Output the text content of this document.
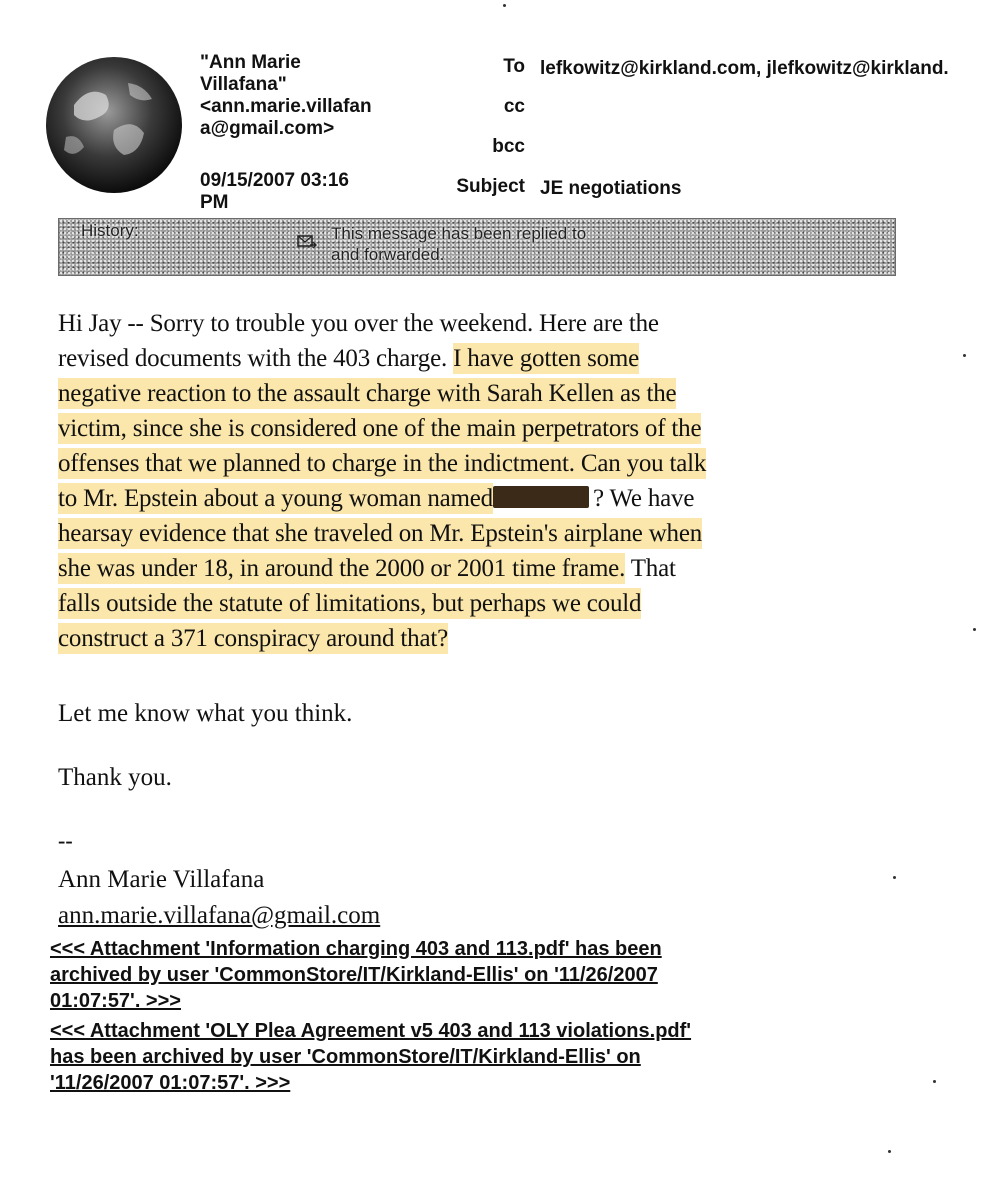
"Ann Marie
Villafana"
<ann.marie.villafan
a@gmail.com>
09/15/2007 03:16
PM
To lefkowitz@kirkland.com, jlefkowitz@kirkland.
cc
bcc
Subject JE negotiations
History:	This message has been replied to
and forwarded.
Hi Jay -- Sorry to trouble you over the weekend. Here are the
revised documents with the 403 charge. I have gotten some
negative reaction to the assault charge with Sarah Kellen as the
victim, since she is considered one of the main perpetrators of the
offenses that we planned to charge in the indictment. Can you talk
to Mr. Epstein about a young woman named	? We have
hearsay evidence that she traveled on Mr. Epstein's airplane when
she was under 18, in around the 2000 or 2001 time frame. That
falls outside the statute of limitations, but perhaps we could
construct a 371 conspiracy around that?
Let me know what you think.
Thank you.
--
Ann Marie Villafana
ann.marie.villafana@gmail.com
<<< Attachment 'Information charging 403 and 113.pdf' has been
archived by user 'CommonStore/IT/Kirkland-Ellis' on '11/26/2007
01:07:57'. >>>
<<< Attachment 'OLY Plea Agreement v5 403 and 113 violations.pdf'
has been archived by user 'CommonStore/IT/Kirkland-Ellis' on
'11/26/2007 01:07:57'. >>>
